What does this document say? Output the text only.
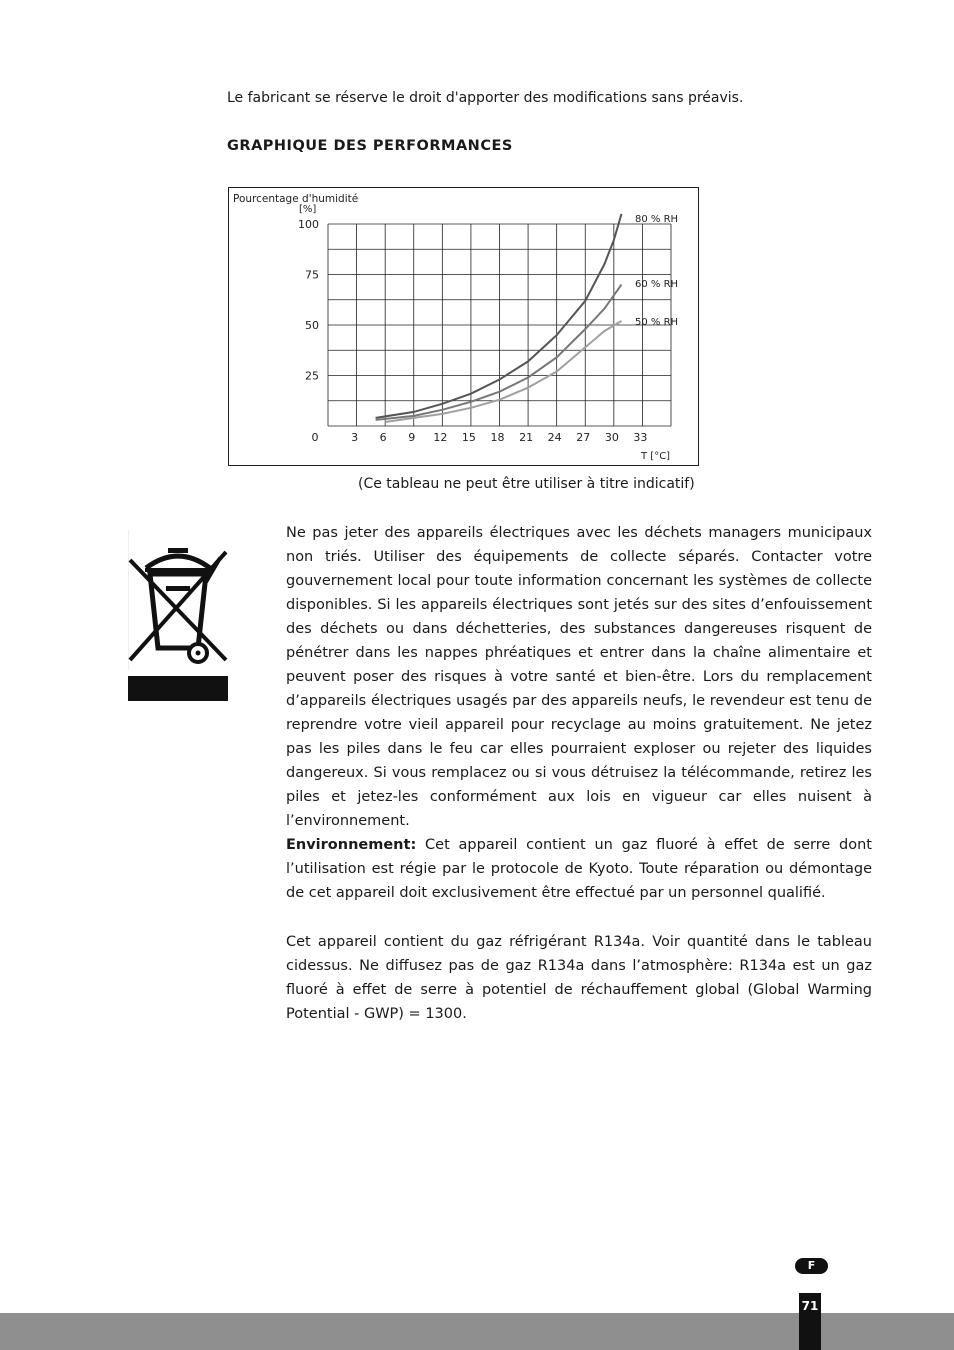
Le fabricant se réserve le droit d'apporter des modifications sans préavis.
GRAPHIQUE DES PERFORMANCES
0	3 6 9 12 15 18 21 24 27 30 33
100
75
50
25
80 % RH
60 % RH
50 % RH
Pourcentage d'humidité
[%]
T [°C]
(Ce tableau ne peut être utiliser à titre indicatif)
Ne pas jeter des appareils électriques avec les déchets managers municipaux non triés. Utiliser des équipements de collecte séparés. Contacter votre gouvernement local pour toute information concernant les systèmes de collecte disponibles. Si les appareils électriques sont jetés sur des sites d’enfouissement des déchets ou dans déchetteries, des substances dangereuses risquent de pénétrer dans les nappes phréatiques et entrer dans la chaîne alimentaire et peuvent poser des risques à votre santé et bien-être. Lors du remplacement d’appareils électriques usagés par des appareils neufs, le revendeur est tenu de reprendre votre vieil appareil pour recyclage au moins gratuitement. Ne jetez pas les piles dans le feu car elles pourraient exploser ou rejeter des liquides dangereux. Si vous remplacez ou si vous détruisez la télécommande, retirez les piles et jetez-les conformément aux lois en vigueur car elles nuisent à l’environnement.
Environnement: Cet appareil contient un gaz fluoré à effet de serre dont l’utilisation est régie par le protocole de Kyoto. Toute réparation ou démontage de cet appareil doit exclusivement être effectué par un personnel qualifié.
Cet appareil contient du gaz réfrigérant R134a. Voir quantité dans le tableau cidessus. Ne diffusez pas de gaz R134a dans l’atmosphère: R134a est un gaz fluoré à effet de serre à potentiel de réchauffement global (Global Warming Potential - GWP) = 1300.
F
71
